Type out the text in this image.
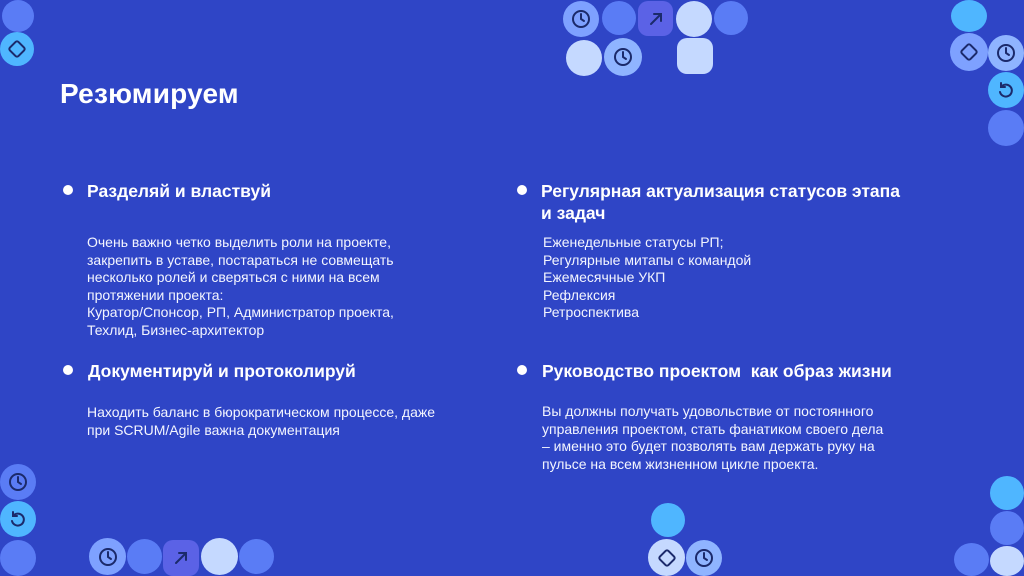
Резюмируем
Разделяй и властвуй

Очень важно четко выделить роли на проекте,
закрепить в уставе, постараться не совмещать
несколько ролей и сверяться с ними на всем
протяжении проекта:
Куратор/Спонсор, РП, Администратор проекта,
Техлид, Бизнес-архитектор

Регулярная актуализация статусов этапа
и задач

Еженедельные статусы РП;
Регулярные митапы с командой
Ежемесячные УКП
Рефлексия
Ретроспектива

Документируй и протоколируй

Находить баланс в бюрократическом процессе, даже
при SCRUM/Agile важна документация

Руководство проектом  как образ жизни

Вы должны получать удовольствие от постоянного
управления проектом, стать фанатиком своего дела
– именно это будет позволять вам держать руку на
пульсе на всем жизненном цикле проекта.
